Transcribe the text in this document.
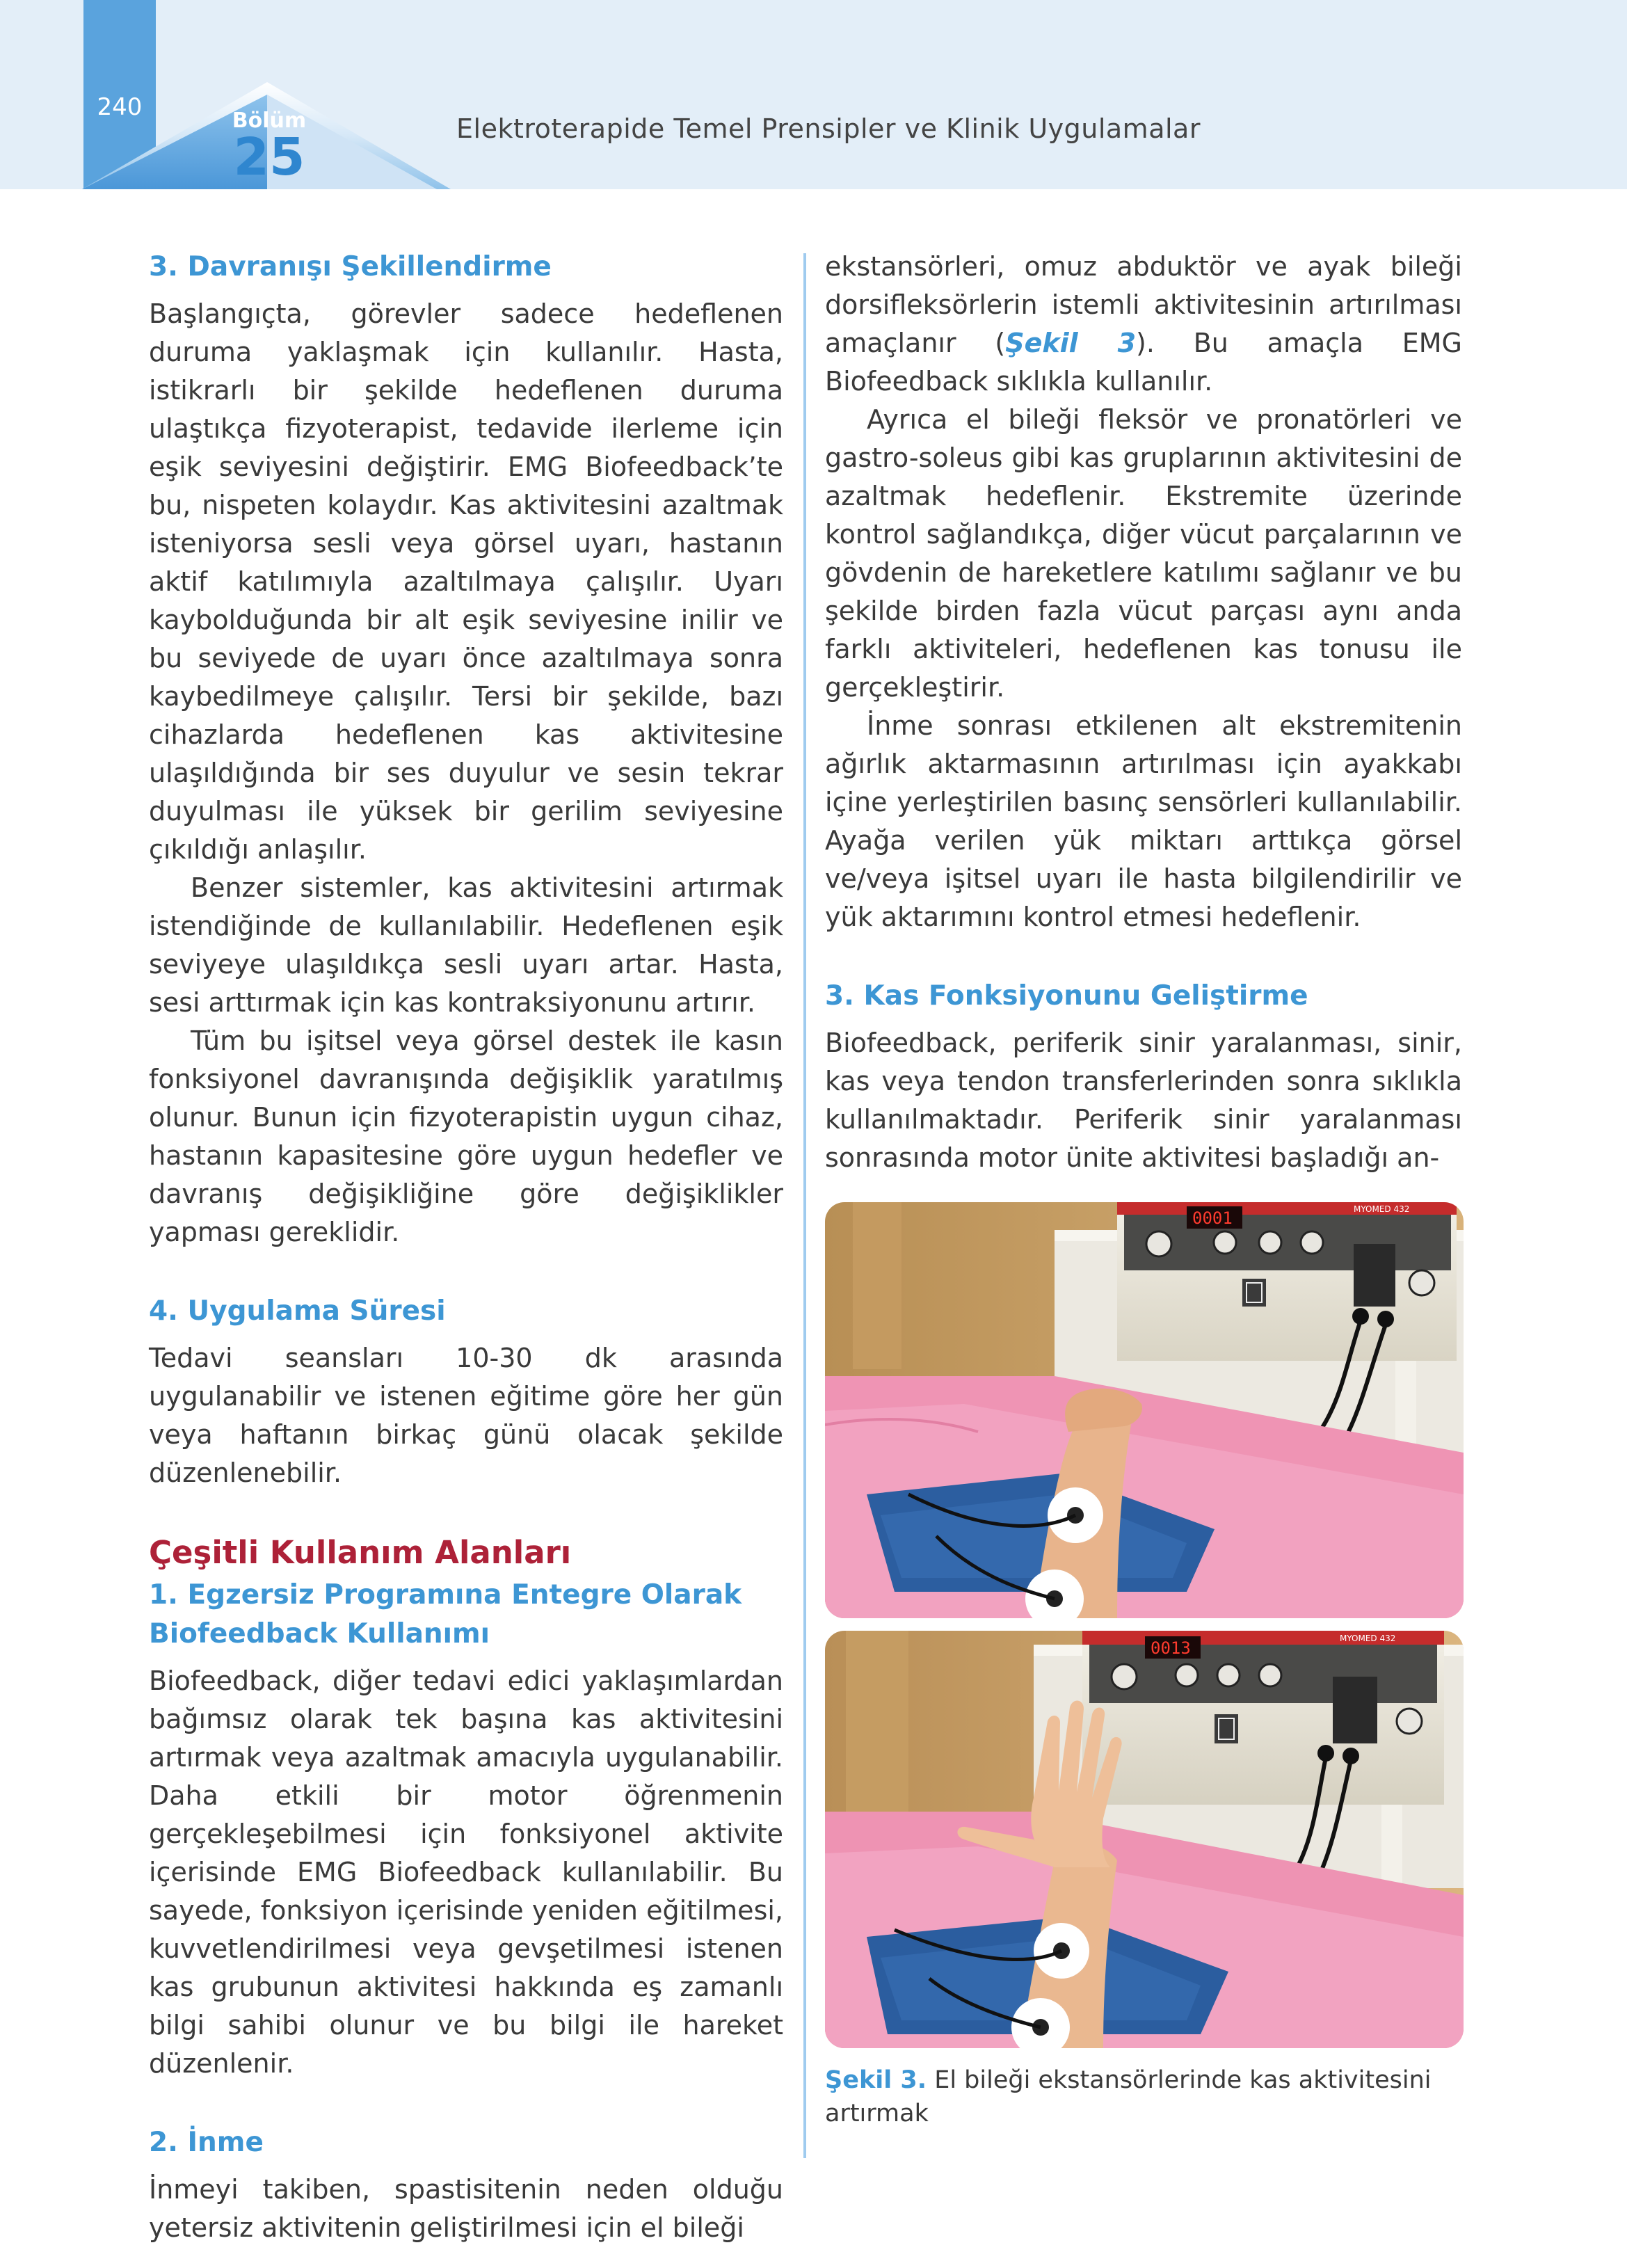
240	Bölüm
25	Elektroterapide Temel Prensipler ve Klinik Uygulamalar
3. Davranışı Şekillendirme

Başlangıçta, görevler sadece hedeflenen duruma yaklaşmak için kullanılır. Hasta, istikrarlı bir şekilde hedeflenen duruma ulaştıkça fizyoterapist, tedavide ilerleme için eşik seviyesini değiştirir. EMG Biofeedback’te bu, nispeten kolaydır. Kas aktivitesini azaltmak isteniyorsa sesli veya görsel uyarı, hastanın aktif katılımıyla azaltılmaya çalışılır. Uyarı kaybolduğunda bir alt eşik seviyesine inilir ve bu seviyede de uyarı önce azaltılmaya sonra kaybedilmeye çalışılır. Tersi bir şekilde, bazı cihazlarda hedeflenen kas aktivitesine ulaşıldığında bir ses duyulur ve sesin tekrar duyulması ile yüksek bir gerilim seviyesine çıkıldığı anlaşılır.

Benzer sistemler, kas aktivitesini artırmak istendiğinde de kullanılabilir. Hedeflenen eşik seviyeye ulaşıldıkça sesli uyarı artar. Hasta, sesi arttırmak için kas kontraksiyonunu artırır.

Tüm bu işitsel veya görsel destek ile kasın fonksiyonel davranışında değişiklik yaratılmış olunur. Bunun için fizyoterapistin uygun cihaz, hastanın kapasitesine göre uygun hedefler ve davranış değişikliğine göre değişiklikler yapması gereklidir.

4. Uygulama Süresi

Tedavi seansları 10-30 dk arasında uygulanabilir ve istenen eğitime göre her gün veya haftanın birkaç günü olacak şekilde düzenlenebilir.

Çeşitli Kullanım Alanları
1. Egzersiz Programına Entegre Olarak
Biofeedback Kullanımı

Biofeedback, diğer tedavi edici yaklaşımlardan bağımsız olarak tek başına kas aktivitesini artırmak veya azaltmak amacıyla uygulanabilir. Daha etkili bir motor öğrenmenin gerçekleşebilmesi için fonksiyonel aktivite içerisinde EMG Biofeedback kullanılabilir. Bu sayede, fonksiyon içerisinde yeniden eğitilmesi, kuvvetlendirilmesi veya gevşetilmesi istenen kas grubunun aktivitesi hakkında eş zamanlı bilgi sahibi olunur ve bu bilgi ile hareket düzenlenir.

2. İnme

İnmeyi takiben, spastisitenin neden olduğu yetersiz aktivitenin geliştirilmesi için el bileği

ekstansörleri, omuz abduktör ve ayak bileği dorsifleksörlerin istemli aktivitesinin artırılması amaçlanır (Şekil 3). Bu amaçla EMG Biofeedback sıklıkla kullanılır.

Ayrıca el bileği fleksör ve pronatörleri ve gastro-soleus gibi kas gruplarının aktivitesini de azaltmak hedeflenir. Ekstremite üzerinde kontrol sağlandıkça, diğer vücut parçalarının ve gövdenin de hareketlere katılımı sağlanır ve bu şekilde birden fazla vücut parçası aynı anda farklı aktiviteleri, hedeflenen kas tonusu ile gerçekleştirir.

İnme sonrası etkilenen alt ekstremitenin ağırlık aktarmasının artırılması için ayakkabı içine yerleştirilen basınç sensörleri kullanılabilir. Ayağa verilen yük miktarı arttıkça görsel ve/veya işitsel uyarı ile hasta bilgilendirilir ve yük aktarımını kontrol etmesi hedeflenir.

3. Kas Fonksiyonunu Geliştirme

Biofeedback, periferik sinir yaralanması, sinir, kas veya tendon transferlerinden sonra sıklıkla kullanılmaktadır. Periferik sinir yaralanması sonrasında motor ünite aktivitesi başladığı an-

0001	MYOMED 432
0013	MYOMED 432
Şekil 3. El bileği ekstansörlerinde kas aktivitesini artırmak
